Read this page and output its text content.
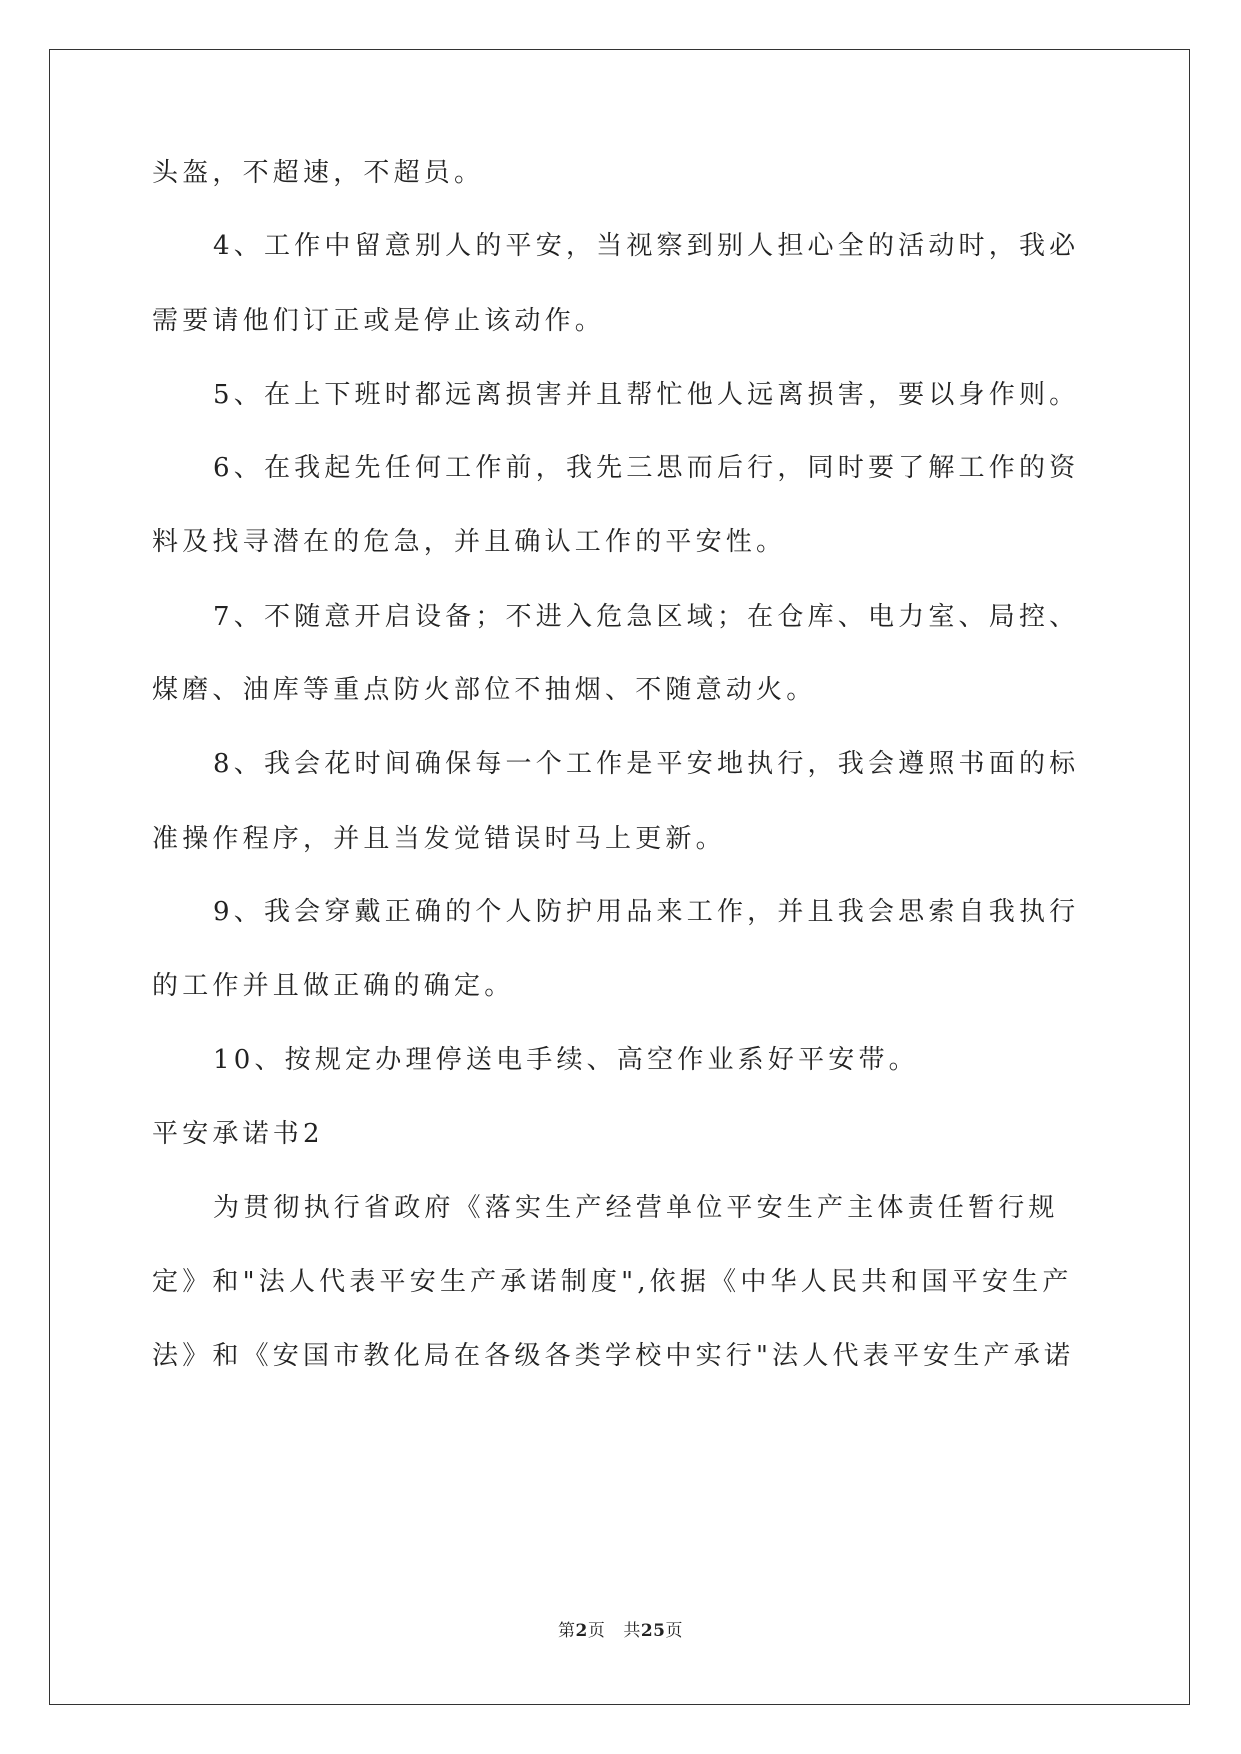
头盔，不超速，不超员。
4、工作中留意别人的平安，当视察到别人担心全的活动时，我必
需要请他们订正或是停止该动作。
5、在上下班时都远离损害并且帮忙他人远离损害，要以身作则。
6、在我起先任何工作前，我先三思而后行，同时要了解工作的资
料及找寻潜在的危急，并且确认工作的平安性。
7、不随意开启设备；不进入危急区域；在仓库、电力室、局控、
煤磨、油库等重点防火部位不抽烟、不随意动火。
8、我会花时间确保每一个工作是平安地执行，我会遵照书面的标
准操作程序，并且当发觉错误时马上更新。
9、我会穿戴正确的个人防护用品来工作，并且我会思索自我执行
的工作并且做正确的确定。
10、按规定办理停送电手续、高空作业系好平安带。
平安承诺书2
为贯彻执行省政府《落实生产经营单位平安生产主体责任暂行规
定》和"法人代表平安生产承诺制度",依据《中华人民共和国平安生产
法》和《安国市教化局在各级各类学校中实行"法人代表平安生产承诺
第2页 共25页
